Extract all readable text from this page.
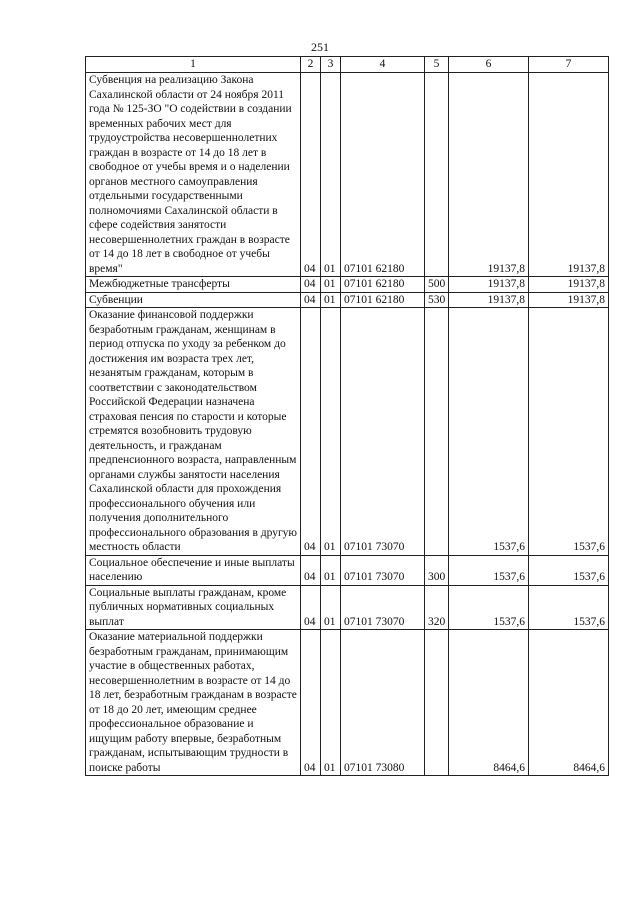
251
1	2	3	4	5	6	7
Субвенция на реализацию Закона Сахалинской области от 24 ноября 2011 года № 125-ЗО "О содействии в создании временных рабочих мест для трудоустройства несовершеннолетних граждан в возрасте от 14 до 18 лет в свободное от учебы время и о наделении органов местного самоуправления отдельными государственными полномочиями Сахалинской области в сфере содействия занятости несовершеннолетних граждан в возрасте от 14 до 18 лет в свободное от учебы время"	04	01	07101 62180		19137,8	19137,8
Межбюджетные трансферты	04	01	07101 62180	500	19137,8	19137,8
Субвенции	04	01	07101 62180	530	19137,8	19137,8
Оказание финансовой поддержки безработным гражданам, женщинам в период отпуска по уходу за ребенком до достижения им возраста трех лет, незанятым гражданам, которым в соответствии с законодательством Российской Федерации назначена страховая пенсия по старости и которые стремятся возобновить трудовую деятельность, и гражданам предпенсионного возраста, направленным органами службы занятости населения Сахалинской области для прохождения профессионального обучения или получения дополнительного профессионального образования в другую местность области	04	01	07101 73070		1537,6	1537,6
Социальное обеспечение и иные выплаты населению	04	01	07101 73070	300	1537,6	1537,6
Социальные выплаты гражданам, кроме публичных нормативных социальных выплат	04	01	07101 73070	320	1537,6	1537,6
Оказание материальной поддержки безработным гражданам, принимающим участие в общественных работах, несовершеннолетним в возрасте от 14 до 18 лет, безработным гражданам в возрасте от 18 до 20 лет, имеющим среднее профессиональное образование и ищущим работу впервые, безработным гражданам, испытывающим трудности в поиске работы	04	01	07101 73080		8464,6	8464,6
